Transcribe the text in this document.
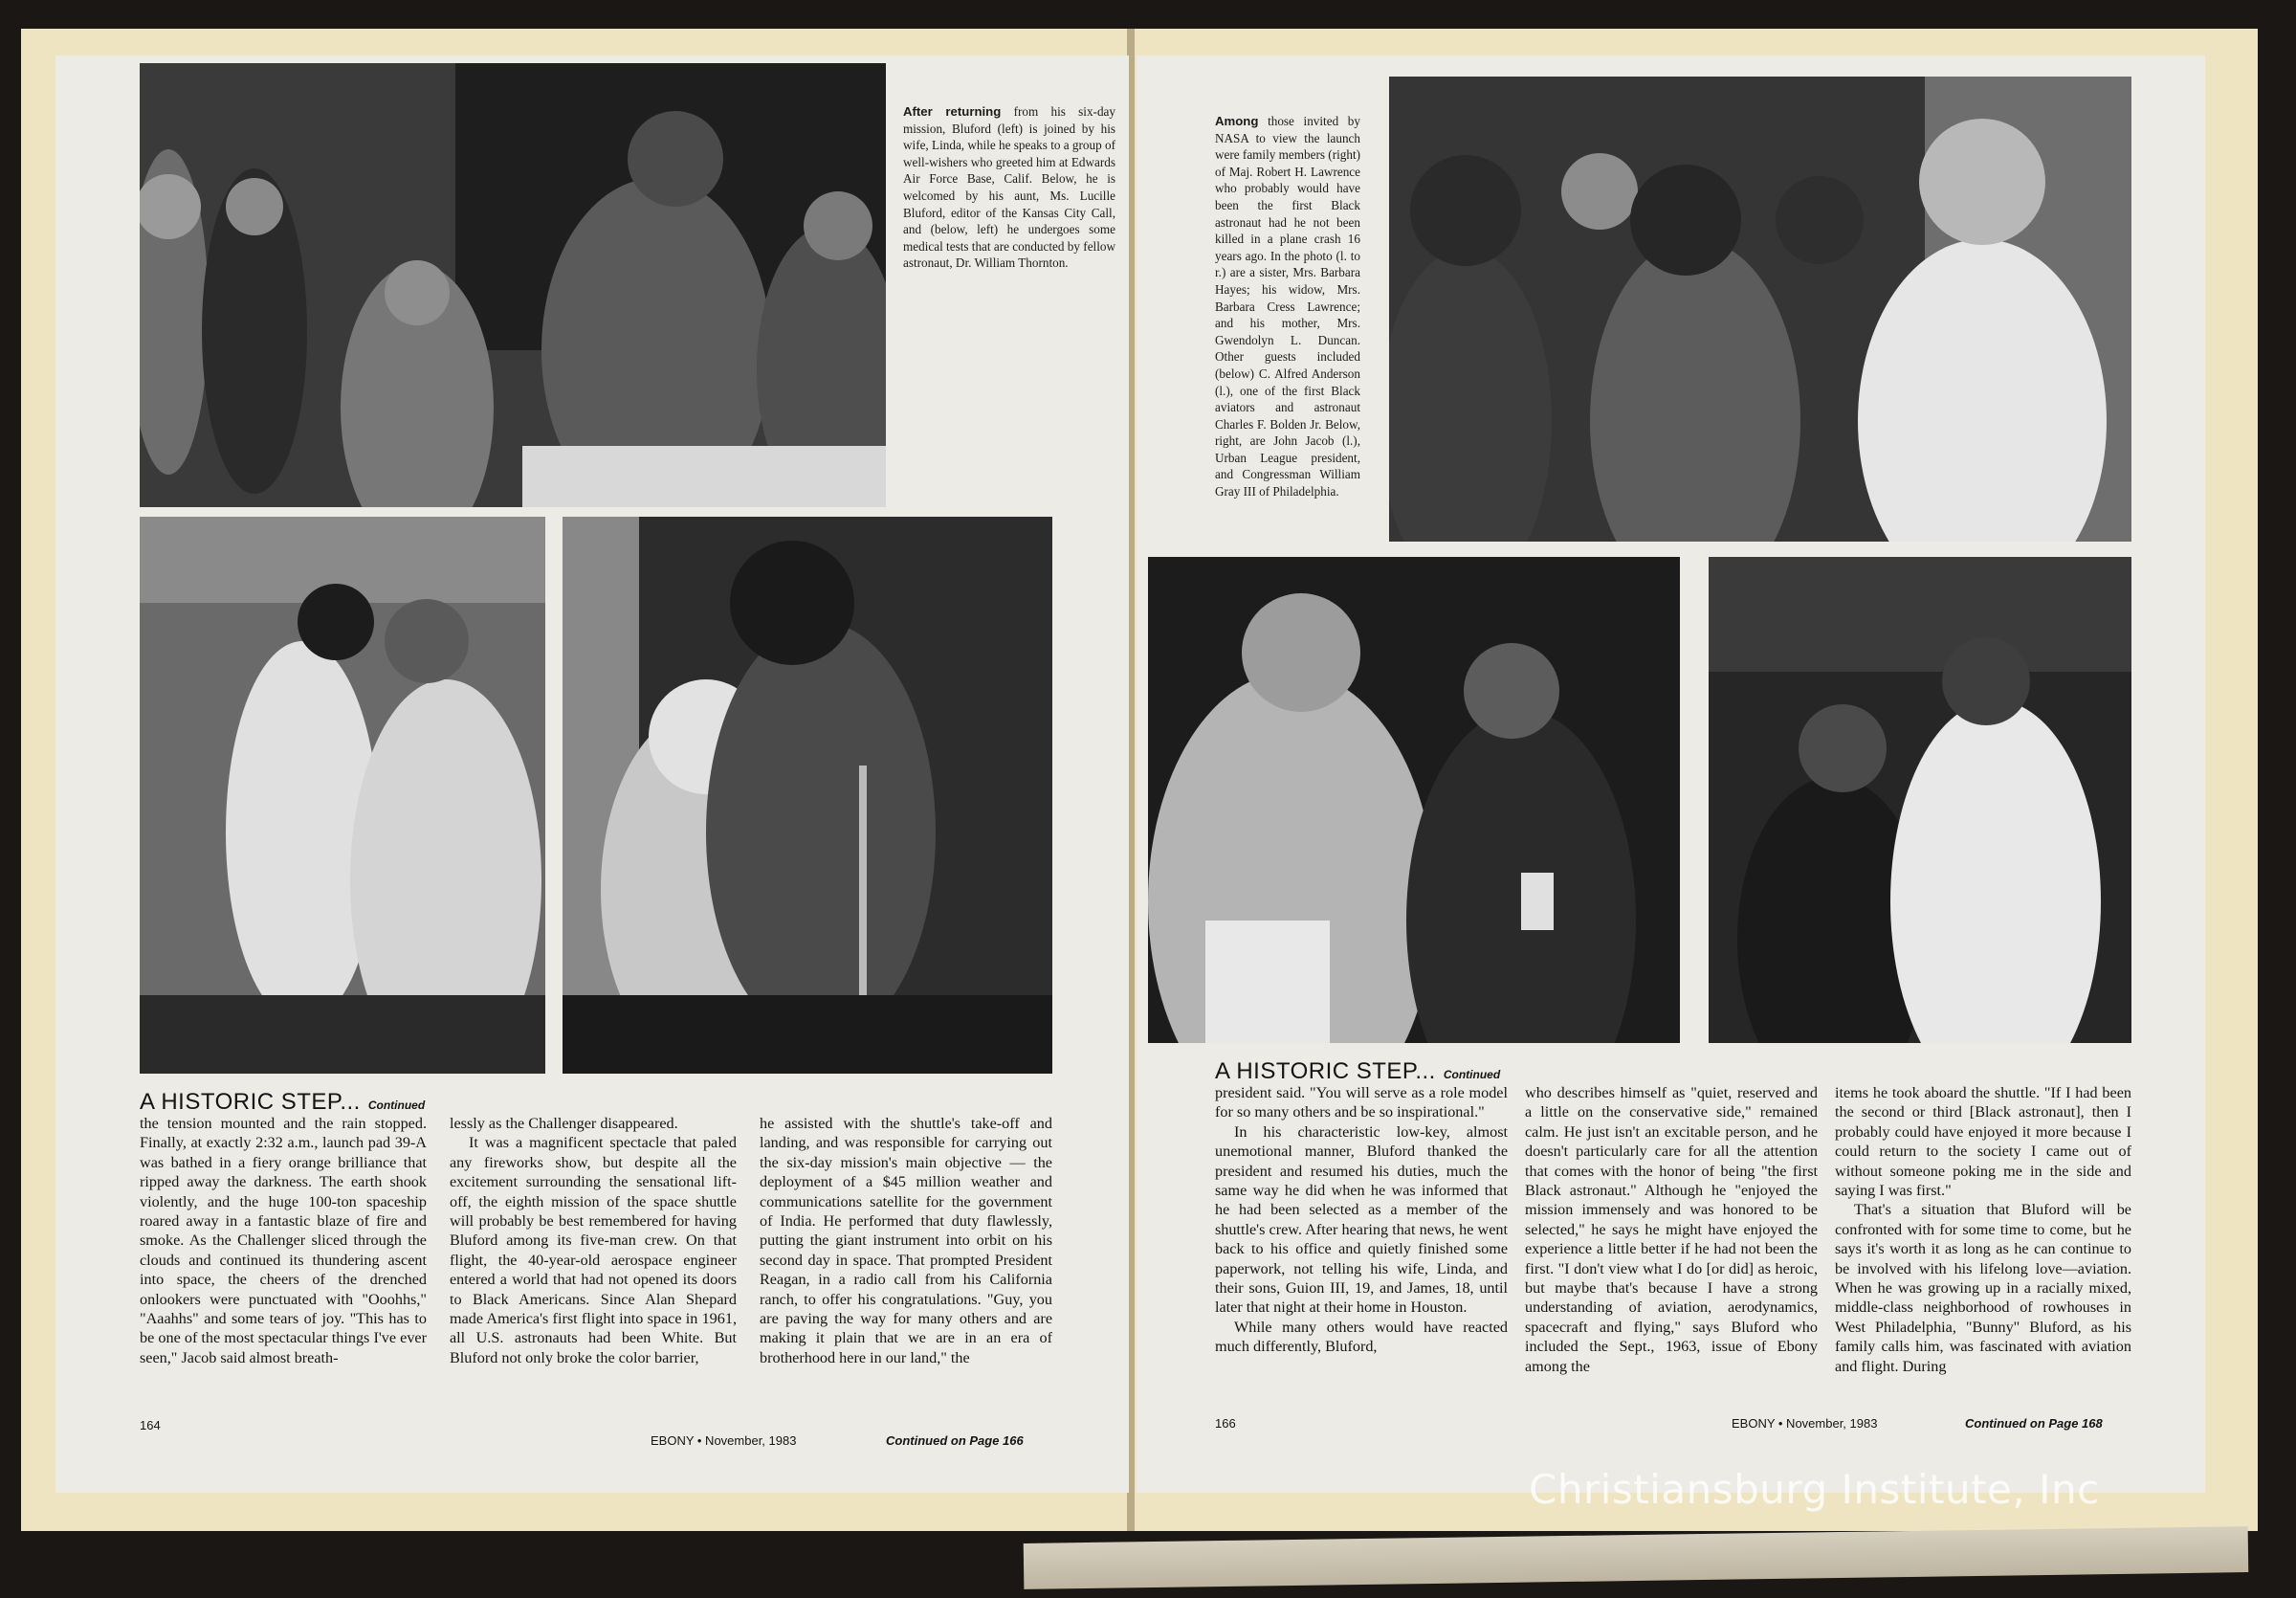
After returning from his six-day mission, Bluford (left) is joined by his wife, Linda, while he speaks to a group of well-wishers who greeted him at Edwards Air Force Base, Calif. Below, he is welcomed by his aunt, Ms. Lucille Bluford, editor of the Kansas City Call, and (below, left) he undergoes some medical tests that are conducted by fellow astronaut, Dr. William Thornton.
A HISTORIC STEP... Continued

the tension mounted and the rain stopped. Finally, at exactly 2:32 a.m., launch pad 39-A was bathed in a fiery orange brilliance that ripped away the darkness. The earth shook violently, and the huge 100-ton spaceship roared away in a fantastic blaze of fire and smoke. As the Challenger sliced through the clouds and continued its thundering ascent into space, the cheers of the drenched onlookers were punctuated with "Ooohhs," "Aaahhs" and some tears of joy. "This has to be one of the most spectacular things I've ever seen," Jacob said almost breath-

lessly as the Challenger disappeared.

It was a magnificent spectacle that paled any fireworks show, but despite all the excitement surrounding the sensational lift-off, the eighth mission of the space shuttle will probably be best remembered for having Bluford among its five-man crew. On that flight, the 40-year-old aerospace engineer entered a world that had not opened its doors to Black Americans. Since Alan Shepard made America's first flight into space in 1961, all U.S. astronauts had been White. But Bluford not only broke the color barrier,

he assisted with the shuttle's take-off and landing, and was responsible for carrying out the six-day mission's main objective — the deployment of a $45 million weather and communications satellite for the government of India. He performed that duty flawlessly, putting the giant instrument into orbit on his second day in space. That prompted President Reagan, in a radio call from his California ranch, to offer his congratulations. "Guy, you are paving the way for many others and are making it plain that we are in an era of brotherhood here in our land," the

164
EBONY • November, 1983	Continued on Page 166
Among those invited by NASA to view the launch were family members (right) of Maj. Robert H. Lawrence who probably would have been the first Black astronaut had he not been killed in a plane crash 16 years ago. In the photo (l. to r.) are a sister, Mrs. Barbara Hayes; his widow, Mrs. Barbara Cress Lawrence; and his mother, Mrs. Gwendolyn L. Duncan. Other guests included (below) C. Alfred Anderson (l.), one of the first Black aviators and astronaut Charles F. Bolden Jr. Below, right, are John Jacob (l.), Urban League president, and Congressman William Gray III of Philadelphia.
A HISTORIC STEP... Continued

president said. "You will serve as a role model for so many others and be so inspirational."

In his characteristic low-key, almost unemotional manner, Bluford thanked the president and resumed his duties, much the same way he did when he was informed that he had been selected as a member of the shuttle's crew. After hearing that news, he went back to his office and quietly finished some paperwork, not telling his wife, Linda, and their sons, Guion III, 19, and James, 18, until later that night at their home in Houston.

While many others would have reacted much differently, Bluford,

who describes himself as "quiet, reserved and a little on the conservative side," remained calm. He just isn't an excitable person, and he doesn't particularly care for all the attention that comes with the honor of being "the first Black astronaut." Although he "enjoyed the mission immensely and was honored to be selected," he says he might have enjoyed the experience a little better if he had not been the first. "I don't view what I do [or did] as heroic, but maybe that's because I have a strong understanding of aviation, aerodynamics, spacecraft and flying," says Bluford who included the Sept., 1963, issue of Ebony among the

items he took aboard the shuttle. "If I had been the second or third [Black astronaut], then I probably could have enjoyed it more because I could return to the society I came out of without someone poking me in the side and saying I was first."

That's a situation that Bluford will be confronted with for some time to come, but he says it's worth it as long as he can continue to be involved with his lifelong love—aviation. When he was growing up in a racially mixed, middle-class neighborhood of rowhouses in West Philadelphia, "Bunny" Bluford, as his family calls him, was fascinated with aviation and flight. During

166	EBONY • November, 1983	Continued on Page 168
Christiansburg Institute, Inc
